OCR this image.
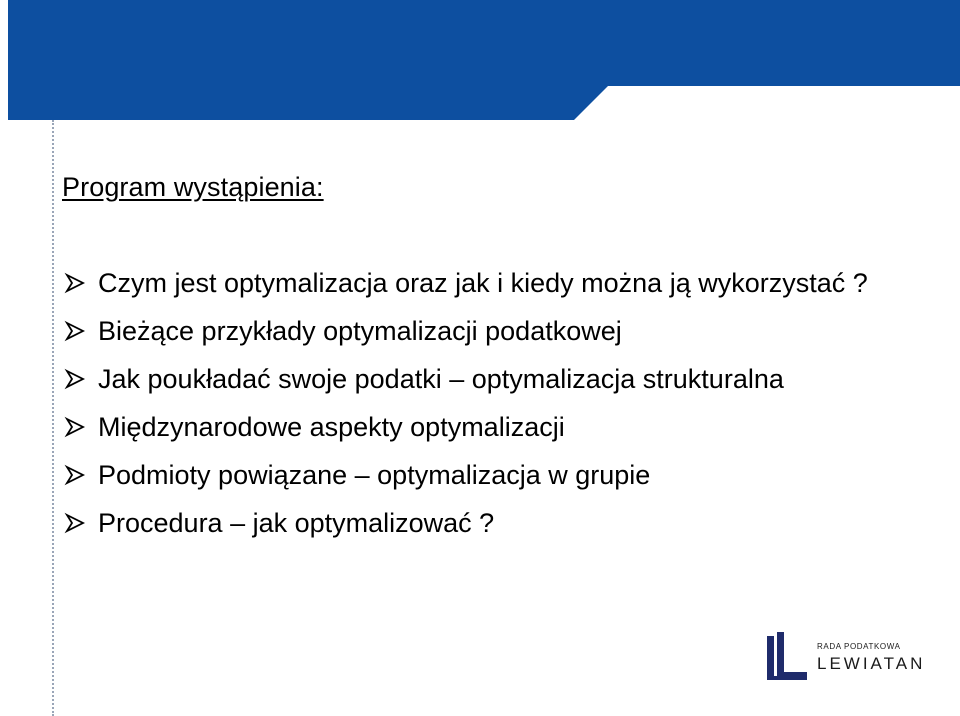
Program wystąpienia:
Czym jest optymalizacja oraz jak i kiedy można ją wykorzystać ?
Bieżące przykłady optymalizacji podatkowej
Jak poukładać swoje podatki – optymalizacja strukturalna
Międzynarodowe aspekty optymalizacji
Podmioty powiązane – optymalizacja w grupie
Procedura – jak optymalizować ?
RADA PODATKOWA
LEWIATAN
